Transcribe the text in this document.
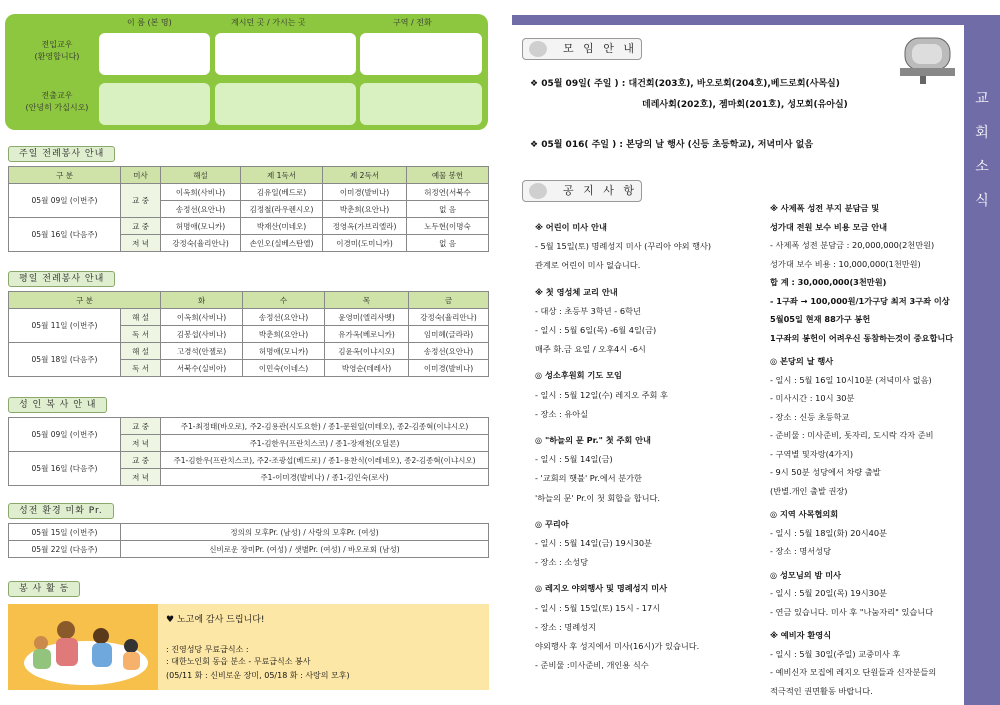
이 름 (본 명)	계시던 곳 / 가시는 곳	구역 / 전화
전입교우
(환영합니다)
전출교우
(안녕히 가십시오)
주일 전례봉사 안내
구 분	미사	해설	제 1독서	제 2독서	예물 봉헌
05월 09일 (이번주)	교 중	이옥희(사비나)	김유일(베드로)	이미경(발비나)	허정연(서북수
		송정선(요안나)	김정철(라우렌시오)	박춘희(요안나)	없 음
05월 16일 (다음주)	교 중	허명애(모니카)	박재산(미네오)	정영옥(가브리엘라)	노두현(이명숙
	저 녁	강정숙(율리안나)	손인오(실베스탄엘)	이경미(도미니카)	없 음
평일 전례봉사 안내
구 분		화	수	목	금
05월 11일 (이번주)	해 설	이옥희(사비나)	송정선(요안나)	윤영미(엘리사벳)	강정숙(율리안나)
	독 서	김봉섭(사비나)	박춘희(요안나)	유가옥(베로니카)	임미혜(글라라)
05월 18일 (다음주)	해 설	고경석(안젤로)	허명애(모니카)	김윤옥(이냐시오)	송정선(요안나)
	독 서	서북수(실비아)	이민숙(이네스)	박영순(데레사)	이미경(발비나)
성 인 복 사 안 내
05월 09일 (이번주)	교 중	주1-최정태(바오로), 주2-김용관(시도요한) / 종1-문원일(미테오), 종2-김종혁(이냐시오)
	저 녁	주1-김한우(프란치스코) / 종1-장재천(오딜론)
05월 16일 (다음주)	교 중	주1-김한우(프란치스코), 주2-조광섭(베드로) / 종1-용찬식(이레네오), 종2-김종혁(이냐시오)
	저 녁	주1-이미경(발비나) / 종1-김인숙(로사)
성전 환경 미화 Pr.
05월 15일 (이번주)	정의의 모후Pr. (남성) / 사랑의 모후Pr. (여성)
05월 22일 (다음주)	신비로운 장미Pr. (여성) / 샛별Pr. (여성) / 바오로회 (남성)
봉 사 활 동
♥ 노고에 감사 드립니다!
: 진영성당 무료급식소 :
: 대한노인회 동읍 분소 - 무료급식소 봉사
(05/11 화 : 신비로운 장미, 05/18 화 : 사랑의 모후)
교
회
소
식
모 임 안 내
❖ 05월 09일( 주일 ) : 대건회(203호), 바오로회(204호),베드로회(사목실)
데레사회(202호), 젬마회(201호), 성모회(유아실)
❖ 05월 016( 주일 ) : 본당의 날 행사 (신등 초등학교), 저녁미사 없음
공 지 사 항
※ 어린이 미사 안내
- 5월 15일(토) 명례성지 미사 (꾸리아 야외 행사)
관계로 어린이 미사 없습니다.
※ 첫 영성체 교리 안내
- 대상 : 초등부 3학년 - 6학년
- 일시 : 5월 6일(목) -6월 4일(금)
매주 화.금 요일 / 오후4시 -6시
◎ 성소후원회 기도 모임
- 일시 : 5월 12일(수) 레지오 주회 후
- 장소 : 유아실
◎ "하늘의 문 Pr." 첫 주회 안내
- 일시 : 5월 14일(금)
- '교회의 햇불' Pr.에서 분가한
'하늘의 문' Pr.이 첫 회합을 합니다.
◎ 꾸리아
- 일시 : 5월 14일(금) 19시30분
- 장소 : 소성당
◎ 레지오 야외행사 및 명례성지 미사
- 일시 : 5월 15일(토) 15시 - 17시
- 장소 : 명례성지
야외행사 후 성지에서 미사(16시)가 있습니다.
- 준비물 :미사준비, 개인용 식수
※ 사제폭 성전 부지 분담금 및
성가대 전원 보수 비용 모금 안내
- 사제폭 성전 분담금 : 20,000,000(2천만원)
성가대 보수 비용 : 10,000,000(1천만원)
합 계 : 30,000,000(3천만원)
- 1구좌 → 100,000원/1가구당 최저 3구좌 이상
5월05일 현재 88가구 봉헌
1구좌의 봉헌이 어려우신 동참하는것이 중요합니다
◎ 본당의 날 행사
- 일시 : 5월 16일 10시10분 (저녁미사 없음)
- 미사시간 : 10시 30분
- 장소 : 신등 초등학교
- 준비물 : 미사준비, 돗자리, 도시락 각자 준비
- 구역별 및자랑(4가지)
- 9시 50분 성당에서 차량 출발
(반별.개인 출발 권장)
◎ 지역 사목협의회
- 일시 : 5월 18일(화) 20시40분
- 장소 : 명서성당
◎ 성모님의 밤 미사
- 일시 : 5월 20일(목) 19시30분
- 연금 있습니다. 미사 후 "나눔자리" 있습니다
※ 예비자 환영식
- 일시 : 5월 30일(주일) 교중미사 후
- 예비신자 모집에 레지오 단원들과 신자분들의
적극적인 권면활동 바랍니다.
